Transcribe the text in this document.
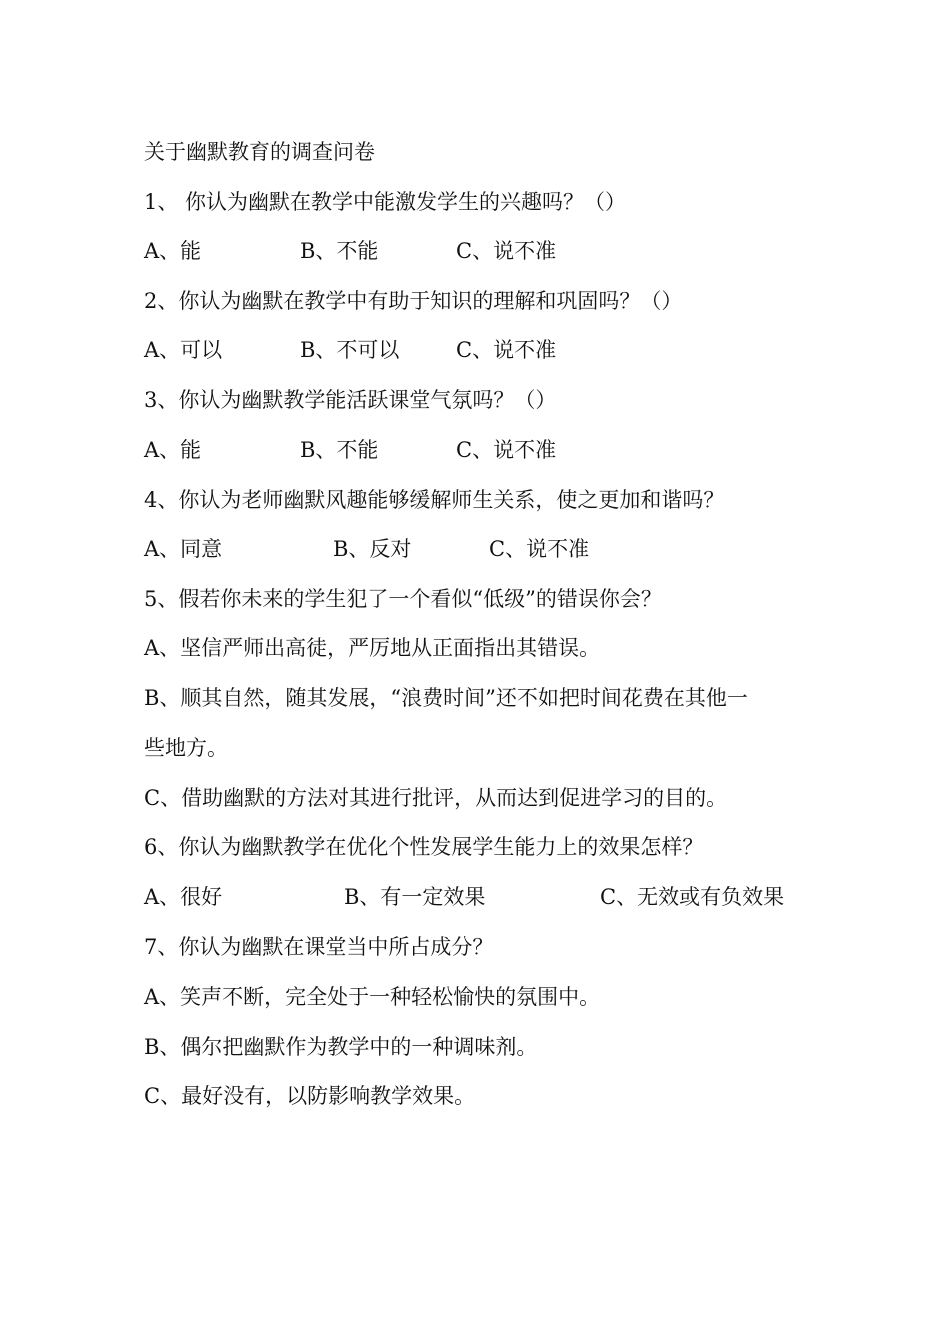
关于幽默教育的调查问卷
1、 你认为幽默在教学中能激发学生的兴趣吗？（）
A、能	B、不能	C、说不准
2、你认为幽默在教学中有助于知识的理解和巩固吗？（）
A、可以	B、不可以	C、说不准
3、你认为幽默教学能活跃课堂气氛吗？（）
A、能	B、不能	C、说不准
4、你认为老师幽默风趣能够缓解师生关系，使之更加和谐吗？
A、同意	B、反对	C、说不准
5、假若你未来的学生犯了一个看似“低级”的错误你会？
A、坚信严师出高徒，严厉地从正面指出其错误。
B、顺其自然，随其发展，“浪费时间”还不如把时间花费在其他一
些地方。
C、借助幽默的方法对其进行批评，从而达到促进学习的目的。
6、你认为幽默教学在优化个性发展学生能力上的效果怎样？
A、很好	B、有一定效果	C、无效或有负效果
7、你认为幽默在课堂当中所占成分？
A、笑声不断，完全处于一种轻松愉快的氛围中。
B、偶尔把幽默作为教学中的一种调味剂。
C、最好没有，以防影响教学效果。
